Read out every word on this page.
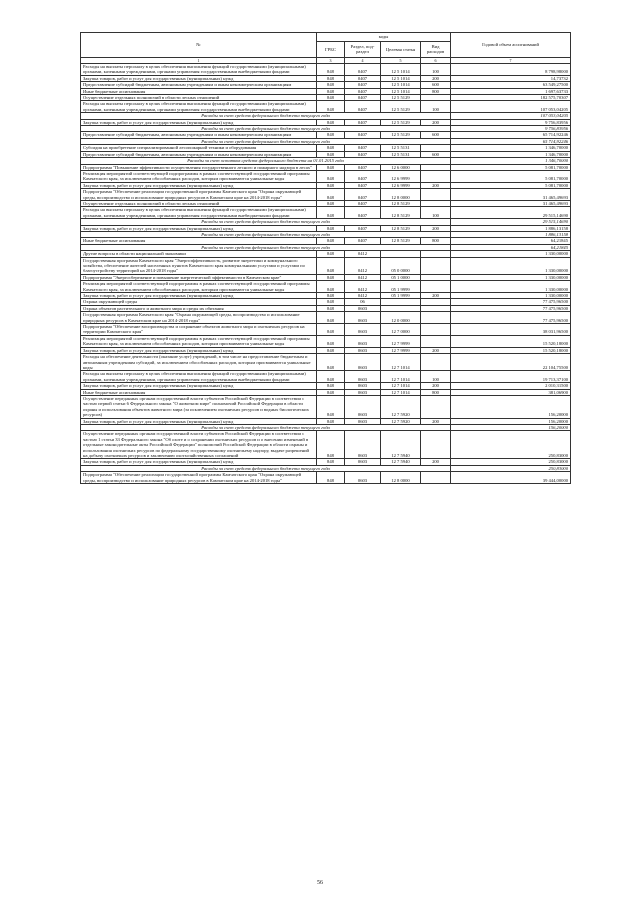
№	коды				Годовой объем ассигнований
	ГРБС	Раздел, под-раздел	Целевая статья	Вид расходов	
1	3	4	5	6	7
Расходы на выплаты персоналу в целях обеспечения выполнения функций государственными (муниципальными) органами, казенными учреждениями, органами управления государственными внебюджетными фондами	848	0407	12 5 1014	100	8 798,98000
Закупка товаров, работ и услуг для государственных (муниципальных) нужд	848	0407	12 5 1014	200	14,73732
Предоставление субсидий бюджетным, автономным учреждениям и иным некоммерческим организациям	848	0407	12 5 1014	600	63 549,27500
Иные бюджетные ассигнования	848	0407	12 5 1014	800	1 697,63733
Осуществление отдельных полномочий в области лесных отношений	848	0407	12 5 5129		182 575,70307
Расходы на выплаты персоналу в целях обеспечения выполнения функций государственными (муниципальными) органами, казенными учреждениями, органами управления государственными внебюджетными фондами	848	0407	12 5 5129	100	107 053,04205
Расходы за счет средств федерального бюджета текущего года					107 053,04205
Закупка товаров, работ и услуг для государственных (муниципальных) нужд	848	0407	12 5 5129	200	9 756,83956
Расходы за счет средств федерального бюджета текущего года					9 756,83956
Предоставление субсидий бюджетным, автономным учреждениям и иным некоммерческим организациям	848	0407	12 5 5129	600	65 714,92246
Расходы за счет средств федерального бюджета текущего года					65 714,92246
Субсидия на приобретение специализированной лесопожарной техники и оборудования	848	0407	12 5 5131		1 346,70000
Предоставление субсидий бюджетным, автономным учреждениям и иным некоммерческим организациям	848	0407	12 5 5131	600	1 346,70000
Расходы за счет остатков средств федерального бюджета на 01.01.2015 года					1 346,70000
Подпрограмма "Повышение эффективности осуществления государственного лесного и пожарного надзора в лесах"	848	0407	12 6 0000		5 081,70000
Реализация мероприятий соответствующей подпрограммы в рамках соответствующей государственной программы Камчатского края, за исключением обособленных расходов, которым присваиваются уникальные коды	848	0407	12 6 9999		5 081,70000
Закупка товаров, работ и услуг для государственных (муниципальных) нужд	848	0407	12 6 9999	200	5 081,70000
Подпрограмма "Обеспечение реализации государственной программы Камчатского края "Охрана окружающей среды, воспроизводство и использование природных ресурсов в Камчатском крае на 2014-2018 годы"	848	0407	12 8 0000		31 465,49693
Осуществление отдельных полномочий в области лесных отношений	848	0407	12 8 5129		31 465,49693
Расходы на выплаты персоналу в целях обеспечения выполнения функций государственными (муниципальными) органами, казенными учреждениями, органами управления государственными внебюджетными фондами	848	0407	12 8 5129	100	29 515,14690
Расходы за счет средств федерального бюджета текущего года					29 515,14690
Закупка товаров, работ и услуг для государственных (муниципальных) нужд	848	0407	12 8 5129	200	1 886,13158
Расходы за счет средств федерального бюджета текущего года					1 886,13158
Иные бюджетные ассигнования	848	0407	12 8 5129	800	64,21845
Расходы за счет средств федерального бюджета текущего года					64,21845
Другие вопросы в области национальной экономики	848	0412			1 330,00000
Государственная программа Камчатского края "Энергоэффективность, развитие энергетики и коммунального хозяйства, обеспечение жителей населенных пунктов Камчатского края коммунальными услугами и услугами по благоустройству территорий на 2014-2018 годы"	848	0412	05 0 0000		1 330,00000
Подпрограмма "Энергосбережение и повышение энергетической эффективности в Камчатском крае"	848	0412	05 1 0000		1 330,00000
Реализация мероприятий соответствующей подпрограммы в рамках соответствующей государственной программы Камчатского края, за исключением обособленных расходов, которым присваиваются уникальные коды	848	0412	05 1 9999		1 330,00000
Закупка товаров, работ и услуг для государственных (муниципальных) нужд	848	0412	05 1 9999	200	1 330,00000
Охрана окружающей среды	848	06			77 475,96500
Охрана объектов растительного и животного мира и среды их обитания	848	0603			77 475,96500
Государственная программа Камчатского края "Охрана окружающей среды, воспроизводство и использование природных ресурсов в Камчатском крае на 2014-2018 годы"	848	0603	12 0 0000		77 475,96500
Подпрограмма "Обеспечение воспроизводства и сохранение объектов животного мира и охотничьих ресурсов на территории Камчатского края"	848	0603	12 7 0000		38 031,96500
Реализация мероприятий соответствующей подпрограммы в рамках соответствующей государственной программы Камчатского края, за исключением обособленных расходов, которым присваиваются уникальные коды	848	0603	12 7 9999		15 520,18000
Закупка товаров, работ и услуг для государственных (муниципальных) нужд	848	0603	12 7 9999	200	15 520,18000
Расходы на обеспечение деятельности (оказание услуг) учреждений, в том числе на предоставление бюджетным и автономным учреждениям субсидий, за исключением обособленных расходов, которым присваиваются уникальные коды	848	0603	12 7 1014		22 104,75500
Расходы на выплаты персоналу в целях обеспечения выполнения функций государственными (муниципальными) органами, казенными учреждениями, органами управления государственными внебюджетными фондами	848	0603	12 7 1014	100	19 713,37100
Закупка товаров, работ и услуг для государственных (муниципальных) нужд	848	0603	12 7 1014	200	2 010,31500
Иные бюджетные ассигнования	848	0603	12 7 1014	800	381,06900
Осуществление переданных органам государственной власти субъектов Российской Федерации в соответствии с частью первой статьи 6 Федерального закона "О животном мире" полномочий Российской Федерации в области охраны и использования объектов животного мира (за исключением охотничьих ресурсов и водных биологических ресурсов)	848	0603	12 7 5920		156,20000
Закупка товаров, работ и услуг для государственных (муниципальных) нужд	848	0603	12 7 5920	200	156,20000
Расходы за счет средств федерального бюджета текущего года					156,20000
Осуществление переданных органам государственной власти субъектов Российской Федерации в соответствии с частью 1 статьи 33 Федерального закона "Об охоте и о сохранении охотничьих ресурсов и о внесении изменений в отдельные законодательные акты Российской Федерации" полномочий Российской Федерации в области охраны и использования охотничьих ресурсов по федеральному государственному охотничьему надзору, выдаче разрешений на добычу охотничьих ресурсов и заключению охотхозяйственных соглашений	848	0603	12 7 5940		250,83000
Закупка товаров, работ и услуг для государственных (муниципальных) нужд	848	0603	12 7 5940	200	250,83000
Расходы за счет средств федерального бюджета текущего года					250,83000
Подпрограмма "Обеспечение реализации государственной программы Камчатского края "Охрана окружающей среды, воспроизводство и использование природных ресурсов в Камчатском крае на 2014-2018 годы"	848	0603	12 8 0000		39 444,00000
56
